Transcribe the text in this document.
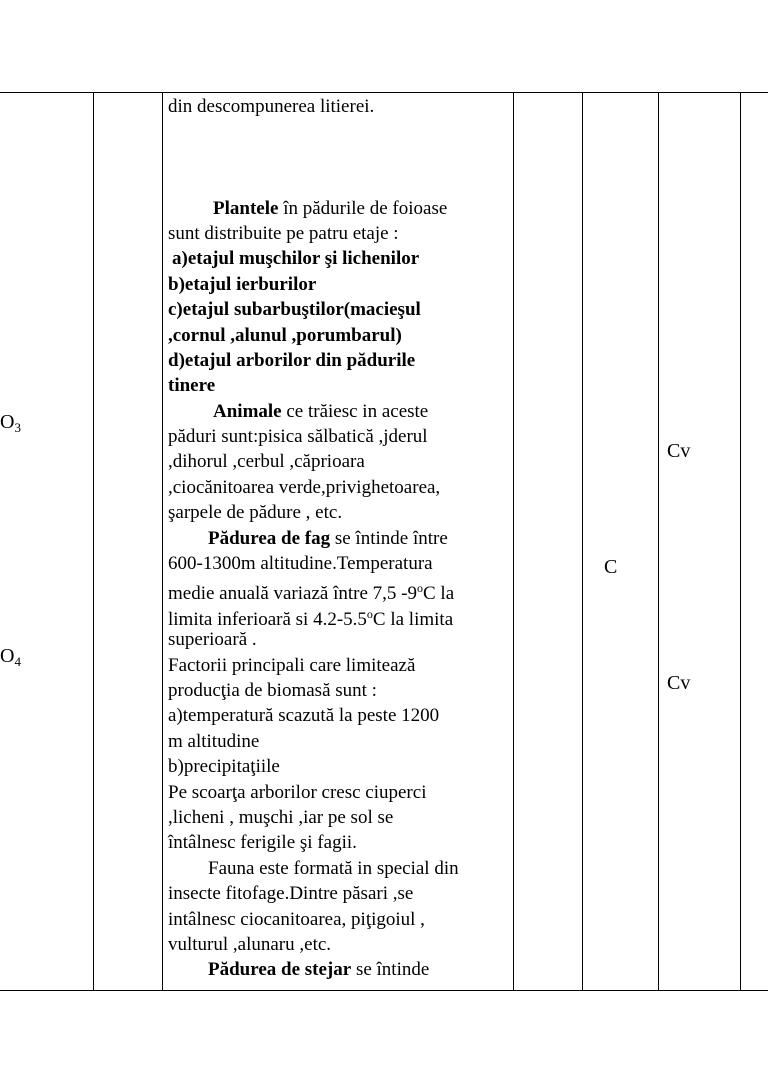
$O_3$
$O_4$
C
Cv
Cv
din descompunerea litierei.
Plantele în pădurile de foioase
sunt distribuite pe patru etaje :
a)etajul muşchilor şi lichenilor
b)etajul ierburilor
c)etajul subarbuştilor(macieşul
,cornul ,alunul ,porumbarul)
d)etajul arborilor din pădurile
tinere
Animale ce trăiesc in aceste
păduri sunt:pisica sălbatică ,jderul
,dihorul ,cerbul ,căprioara
,ciocănitoarea verde,privighetoarea,
şarpele de pădure , etc.
Pădurea de fag se întinde între
600-1300m altitudine.Temperatura
medie anuală variază între 7,5 -9$^o$C la
limita inferioară si 4.2-5.5$^o$C la limita
superioară .
Factorii principali care limitează
producţia de biomasă sunt :
a)temperatură scazută la peste 1200
m altitudine
b)precipitaţiile
Pe scoarţa arborilor cresc ciuperci
,licheni , muşchi ,iar pe sol se
întâlnesc ferigile şi fagii.
Fauna este formată in special din
insecte fitofage.Dintre păsari ,se
intâlnesc ciocanitoarea, piţigoiul ,
vulturul ,alunaru ,etc.
Pădurea de stejar se întinde
